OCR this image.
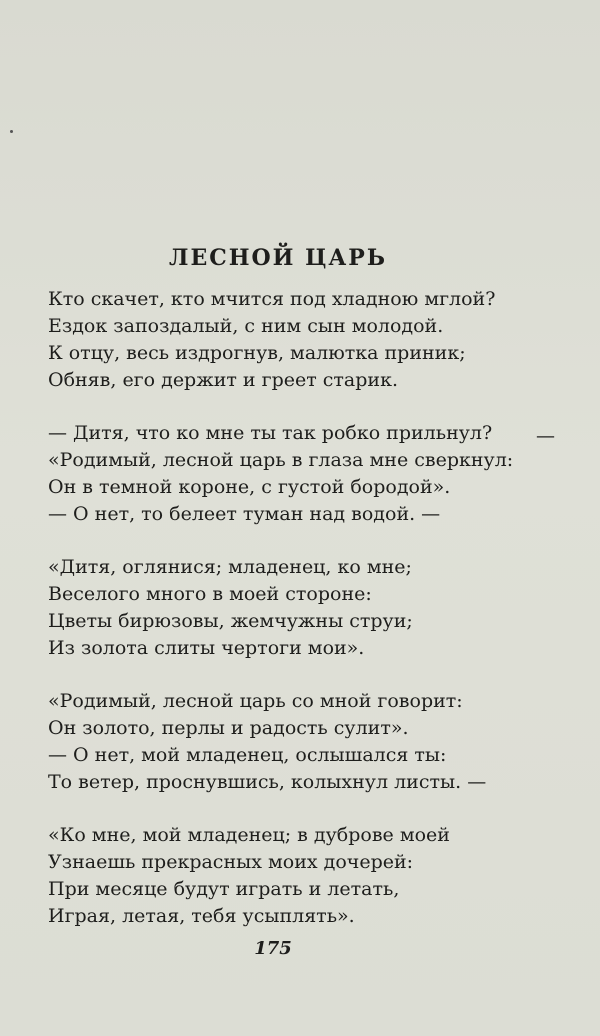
ЛЕСНОЙ ЦАРЬ
Кто скачет, кто мчится под хладною мглой?
Ездок запоздалый, с ним сын молодой.
К отцу, весь издрогнув, малютка приник;
Обняв, его держит и греет старик.
— Дитя, что ко мне ты так робко прильнул?
«Родимый, лесной царь в глаза мне сверкнул:
Он в темной короне, с густой бородой».
— О нет, то белеет туман над водой. —
«Дитя, оглянися; младенец, ко мне;
Веселого много в моей стороне:
Цветы бирюзовы, жемчужны струи;
Из золота слиты чертоги мои».
«Родимый, лесной царь со мной говорит:
Он золото, перлы и радость сулит».
— О нет, мой младенец, ослышался ты:
То ветер, проснувшись, колыхнул листы. —
«Ко мне, мой младенец; в дуброве моей
Узнаешь прекрасных моих дочерей:
При месяце будут играть и летать,
Играя, летая, тебя усыплять».
—
175
